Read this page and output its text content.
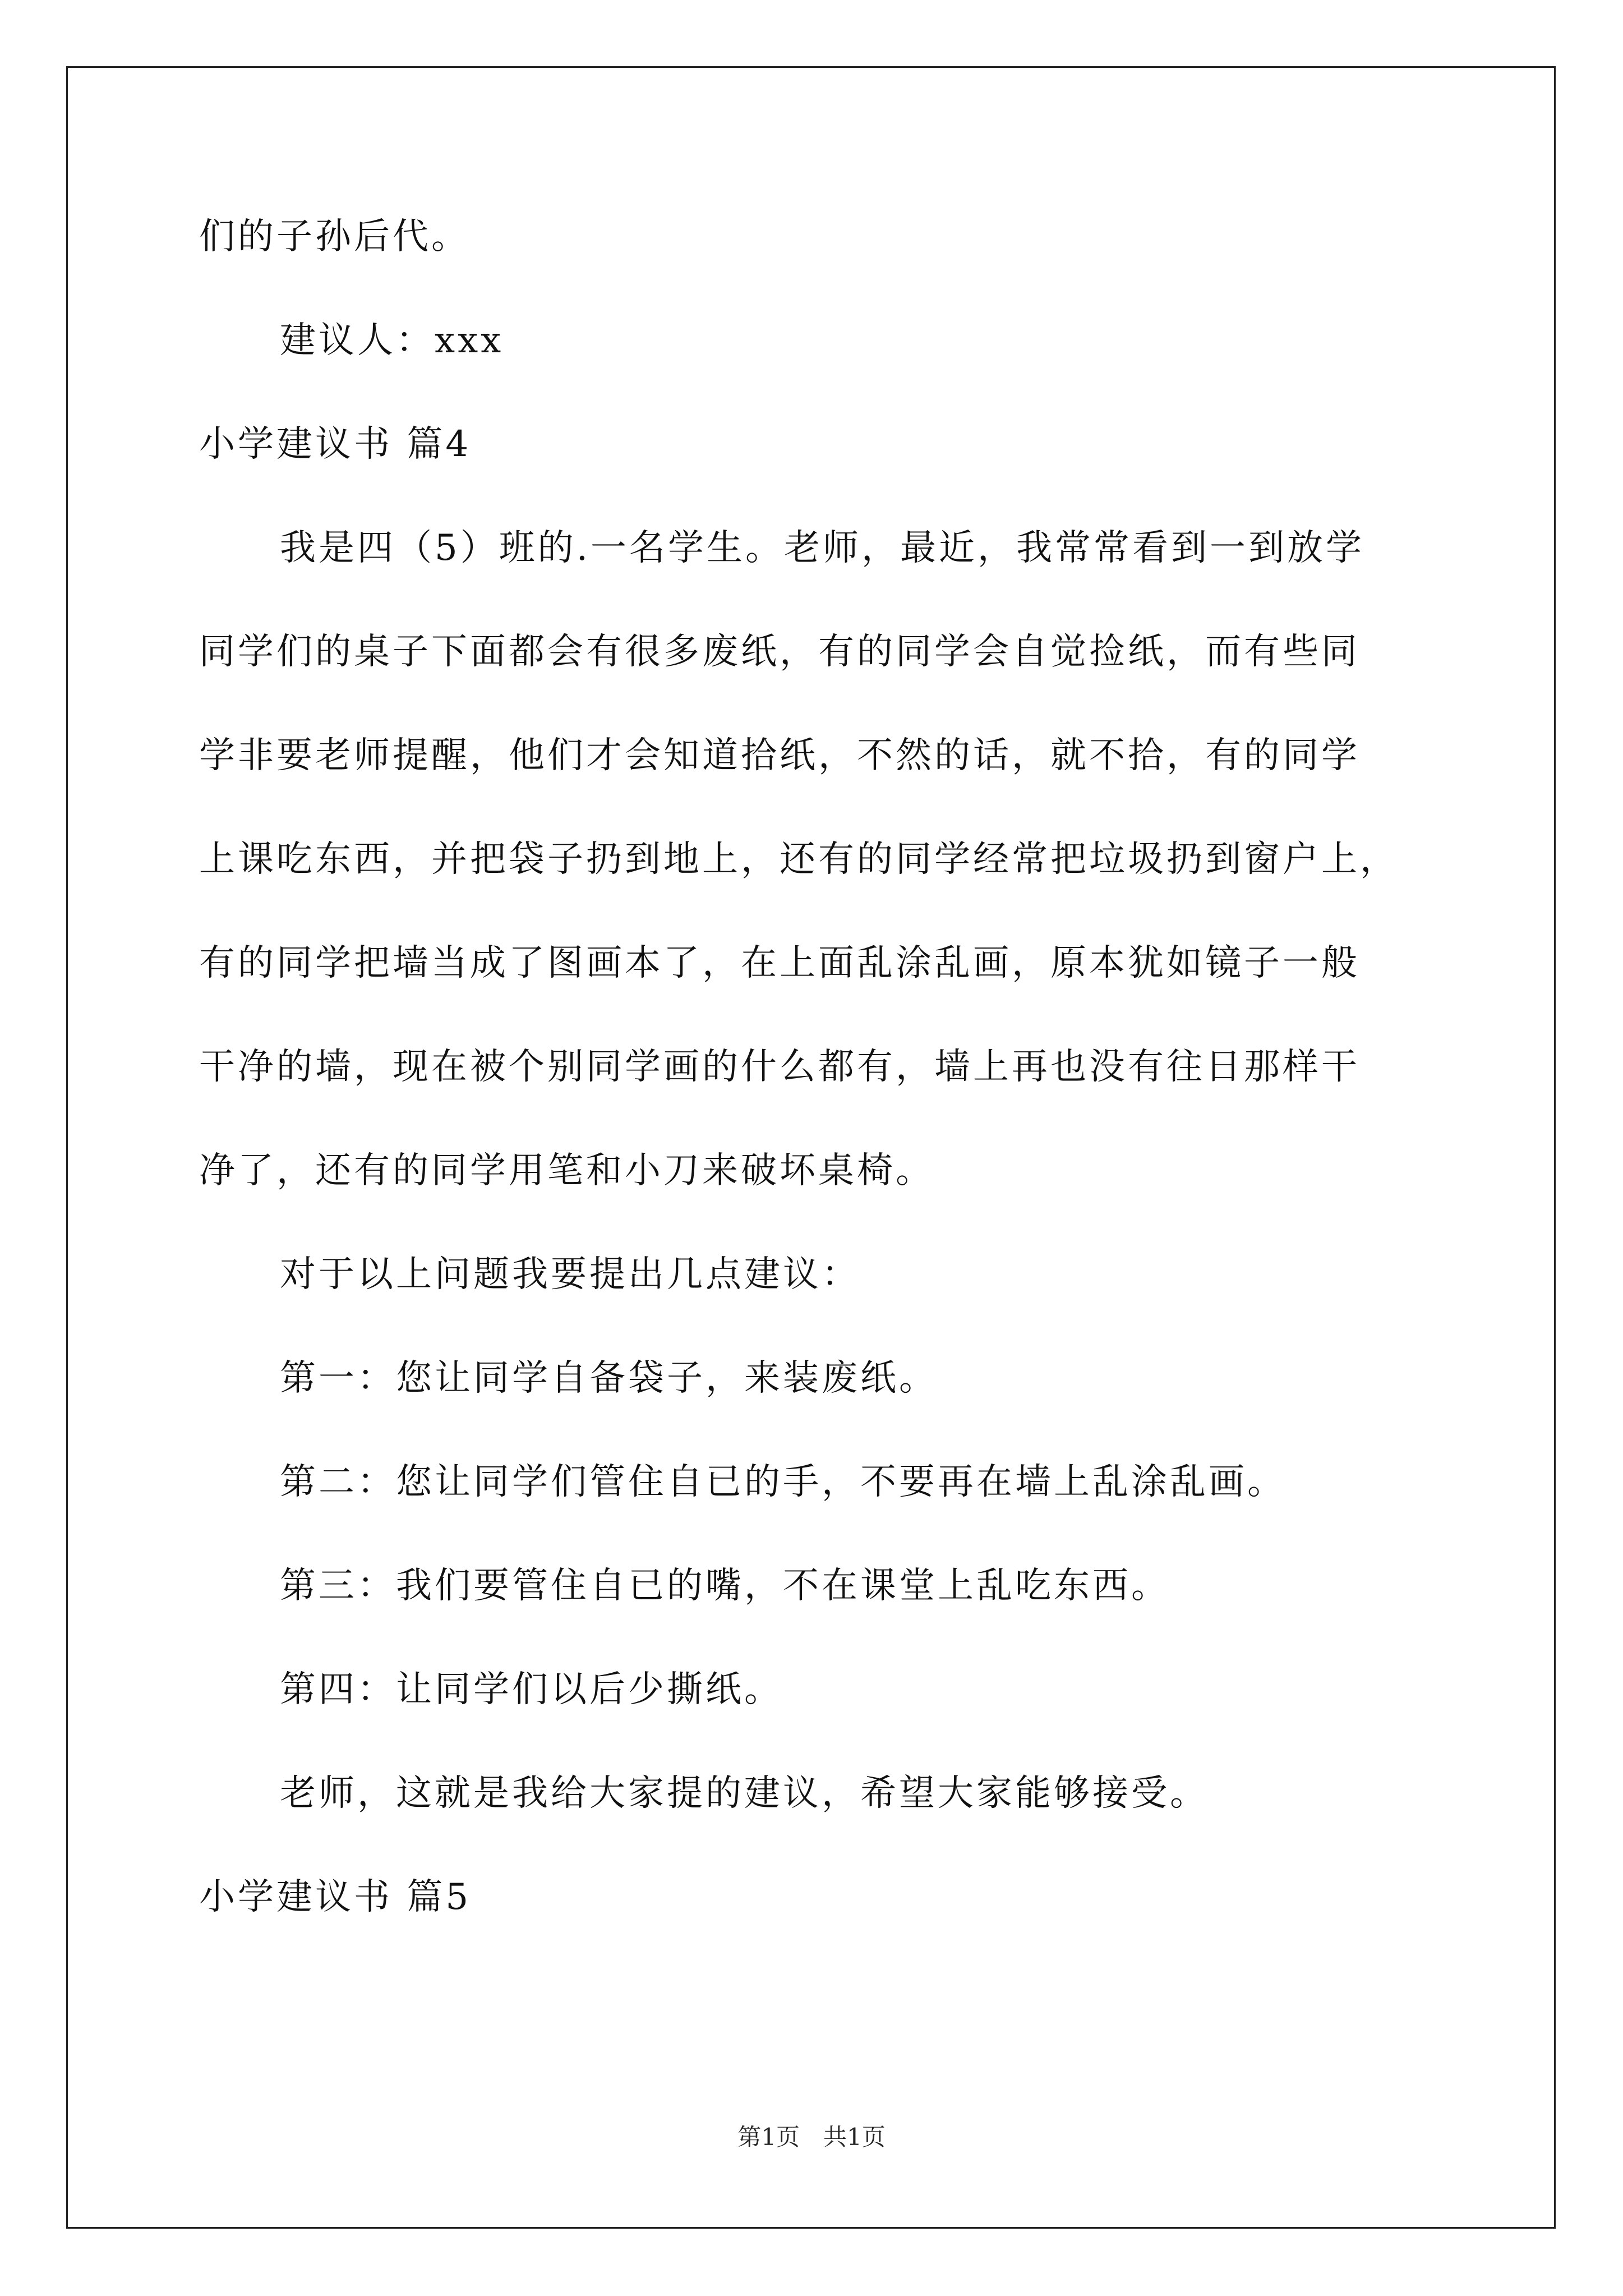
们的子孙后代。
建议人：xxx
小学建议书 篇4
我是四（5）班的.一名学生。老师，最近，我常常看到一到放学
同学们的桌子下面都会有很多废纸，有的同学会自觉捡纸，而有些同
学非要老师提醒，他们才会知道拾纸，不然的话，就不拾，有的同学
上课吃东西，并把袋子扔到地上，还有的同学经常把垃圾扔到窗户上，
有的同学把墙当成了图画本了，在上面乱涂乱画，原本犹如镜子一般
干净的墙，现在被个别同学画的什么都有，墙上再也没有往日那样干
净了，还有的同学用笔和小刀来破坏桌椅。
对于以上问题我要提出几点建议：
第一：您让同学自备袋子，来装废纸。
第二：您让同学们管住自已的手，不要再在墙上乱涂乱画。
第三：我们要管住自已的嘴，不在课堂上乱吃东西。
第四：让同学们以后少撕纸。
老师，这就是我给大家提的建议，希望大家能够接受。
小学建议书 篇5
第1页　共1页
